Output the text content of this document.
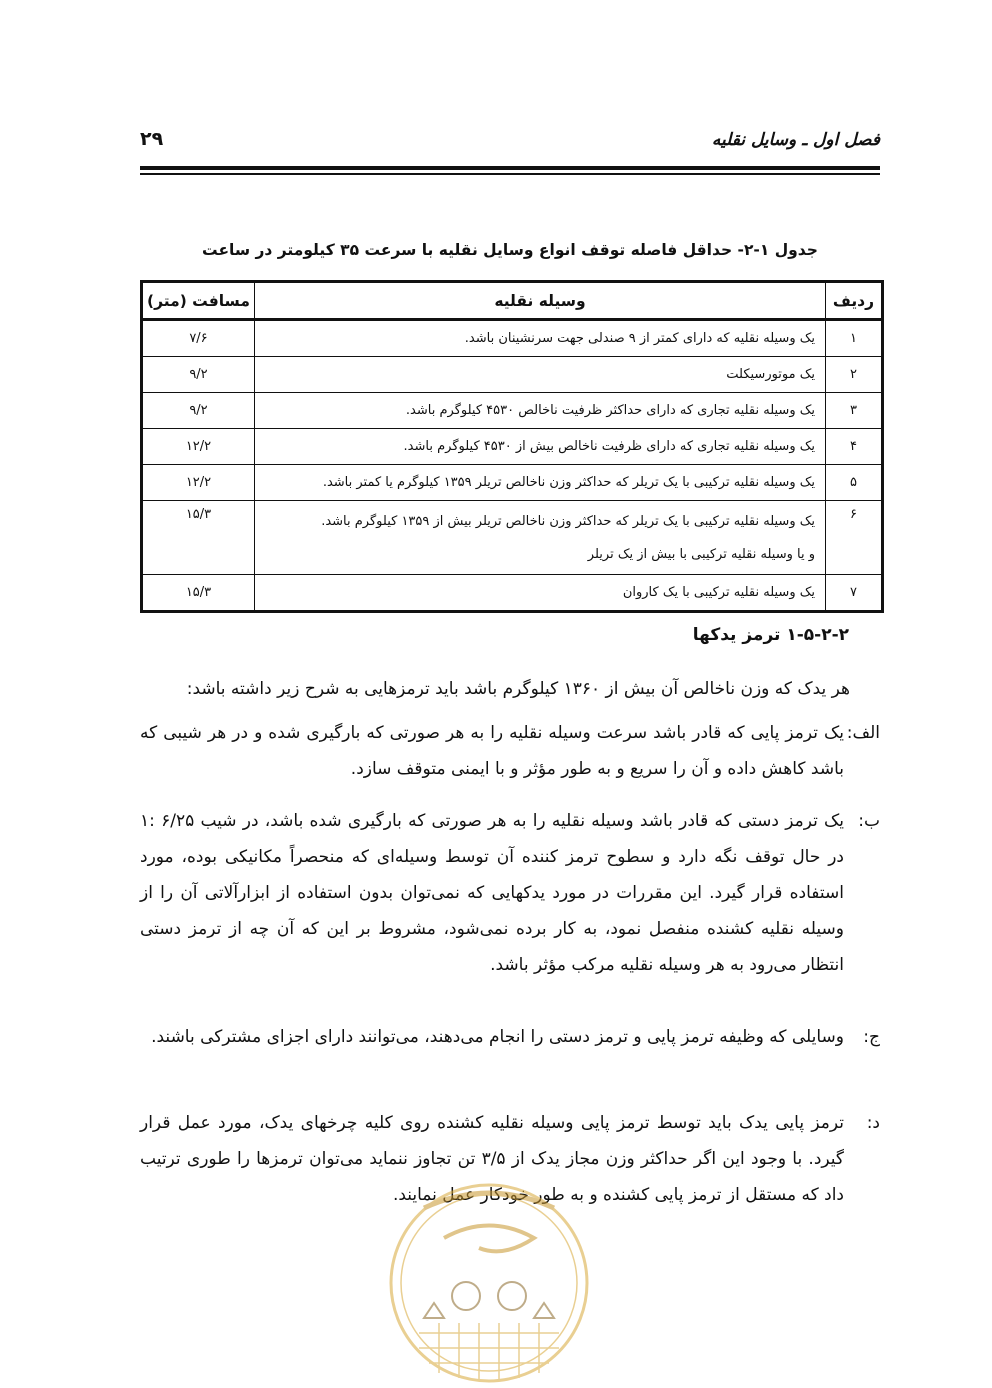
فصل اول ـ وسایل نقلیه
۲۹
جدول ۱-۲- حداقل فاصله توقف انواع وسایل نقلیه با سرعت ۳۵ کیلومتر در ساعت
ردیف	وسیله نقلیه	مسافت (متر)
۱	یک وسیله نقلیه که دارای کمتر از ۹ صندلی جهت سرنشینان باشد.	۷/۶
۲	یک موتورسیکلت	۹/۲
۳	یک وسیله نقلیه تجاری که دارای حداکثر ظرفیت ناخالص ۴۵۳۰ کیلوگرم باشد.	۹/۲
۴	یک وسیله نقلیه تجاری که دارای ظرفیت ناخالص بیش از ۴۵۳۰ کیلوگرم باشد.	۱۲/۲
۵	یک وسیله نقلیه ترکیبی با یک تریلر که حداکثر وزن ناخالص تریلر ۱۳۵۹ کیلوگرم یا کمتر باشد.	۱۲/۲
۶	یک وسیله نقلیه ترکیبی با یک تریلر که حداکثر وزن ناخالص تریلر بیش از ۱۳۵۹ کیلوگرم باشد.
و یا وسیله نقلیه ترکیبی با بیش از یک تریلر	۱۵/۳
۷	یک وسیله نقلیه ترکیبی با یک کاروان	۱۵/۳
۱-۵-۲-۲ ترمز یدکها
هر یدک که وزن ناخالص آن بیش از ۱۳۶۰ کیلوگرم باشد باید ترمزهایی به شرح زیر داشته باشد:
الف:
یک ترمز پایی که قادر باشد سرعت وسیله نقلیه را به هر صورتی که بارگیری شده و در هر شیبی که باشد کاهش داده و آن را سریع و به طور مؤثر و با ایمنی متوقف سازد.
ب:
یک ترمز دستی که قادر باشد وسیله نقلیه را به هر صورتی که بارگیری شده باشد، در شیب ۶/۲۵ :۱ در حال توقف نگه دارد و سطوح ترمز کننده آن توسط وسیله‌ای که منحصراً مکانیکی بوده، مورد استفاده قرار گیرد. این مقررات در مورد یدکهایی که نمی‌توان بدون استفاده از ابزارآلاتی آن را از وسیله نقلیه کشنده منفصل نمود، به کار برده نمی‌شود، مشروط بر این که آن چه از ترمز دستی انتظار می‌رود به هر وسیله نقلیه مرکب مؤثر باشد.
ج:
وسایلی که وظیفه ترمز پایی و ترمز دستی را انجام می‌دهند، می‌توانند دارای اجزای مشترکی باشند.
د:
ترمز پایی یدک باید توسط ترمز پایی وسیله نقلیه کشنده روی کلیه چرخهای یدک، مورد عمل قرار گیرد. با وجود این اگر حداکثر وزن مجاز یدک از ۳/۵ تن تجاوز ننماید می‌توان ترمزها را طوری ترتیب داد که مستقل از ترمز پایی کشنده و به طور خودکار عمل نمایند.
